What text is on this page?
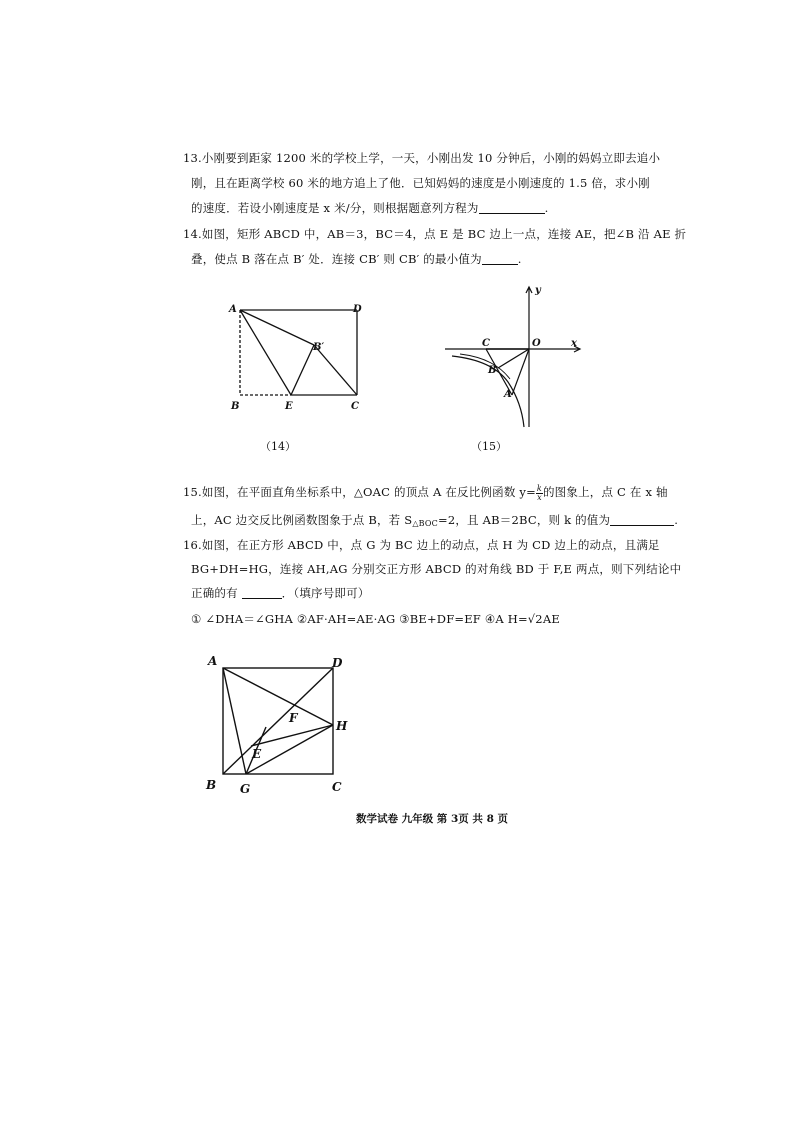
13.小刚要到距家 1200 米的学校上学，一天，小刚出发 10 分钟后，小刚的妈妈立即去追小
刚，且在距离学校 60 米的地方追上了他．已知妈妈的速度是小刚速度的 1.5 倍，求小刚
的速度．若设小刚速度是 x 米/分，则根据题意列方程为	.
14.如图，矩形 ABCD 中，AB＝3，BC＝4，点 E 是 BC 边上一点，连接 AE，把∠B 沿 AE 折
叠，使点 B 落在点 B′ 处．连接 CB′ 则 CB′ 的最小值为	.
A	D
B′
B	E	C
（14）
y
x
C	O
B
A
（15）
15.如图，在平面直角坐标系中，△OAC 的顶点 A 在反比例函数 $y= \frac{k}{x}$ 的图象上，点 C 在 x 轴
上，AC 边交反比例函数图象于点 B，若 $S_{\triangle BOC}=2$，且 AB＝2BC，则 k 的值为	.
16.如图，在正方形 ABCD 中，点 G 为 BC 边上的动点，点 H 为 CD 边上的动点，且满足
BG+DH=HG，连接 AH,AG 分别交正方形 ABCD 的对角线 BD 于 F,E 两点，则下列结论中
正确的有	．（填序号即可）
① ∠DHA＝∠GHA ②AF·AH=AE·AG ③BE+DF=EF ④A H=√2AE
A	D
F
H
E
B G	C
数学试卷 九年级 第 3页 共 8 页
